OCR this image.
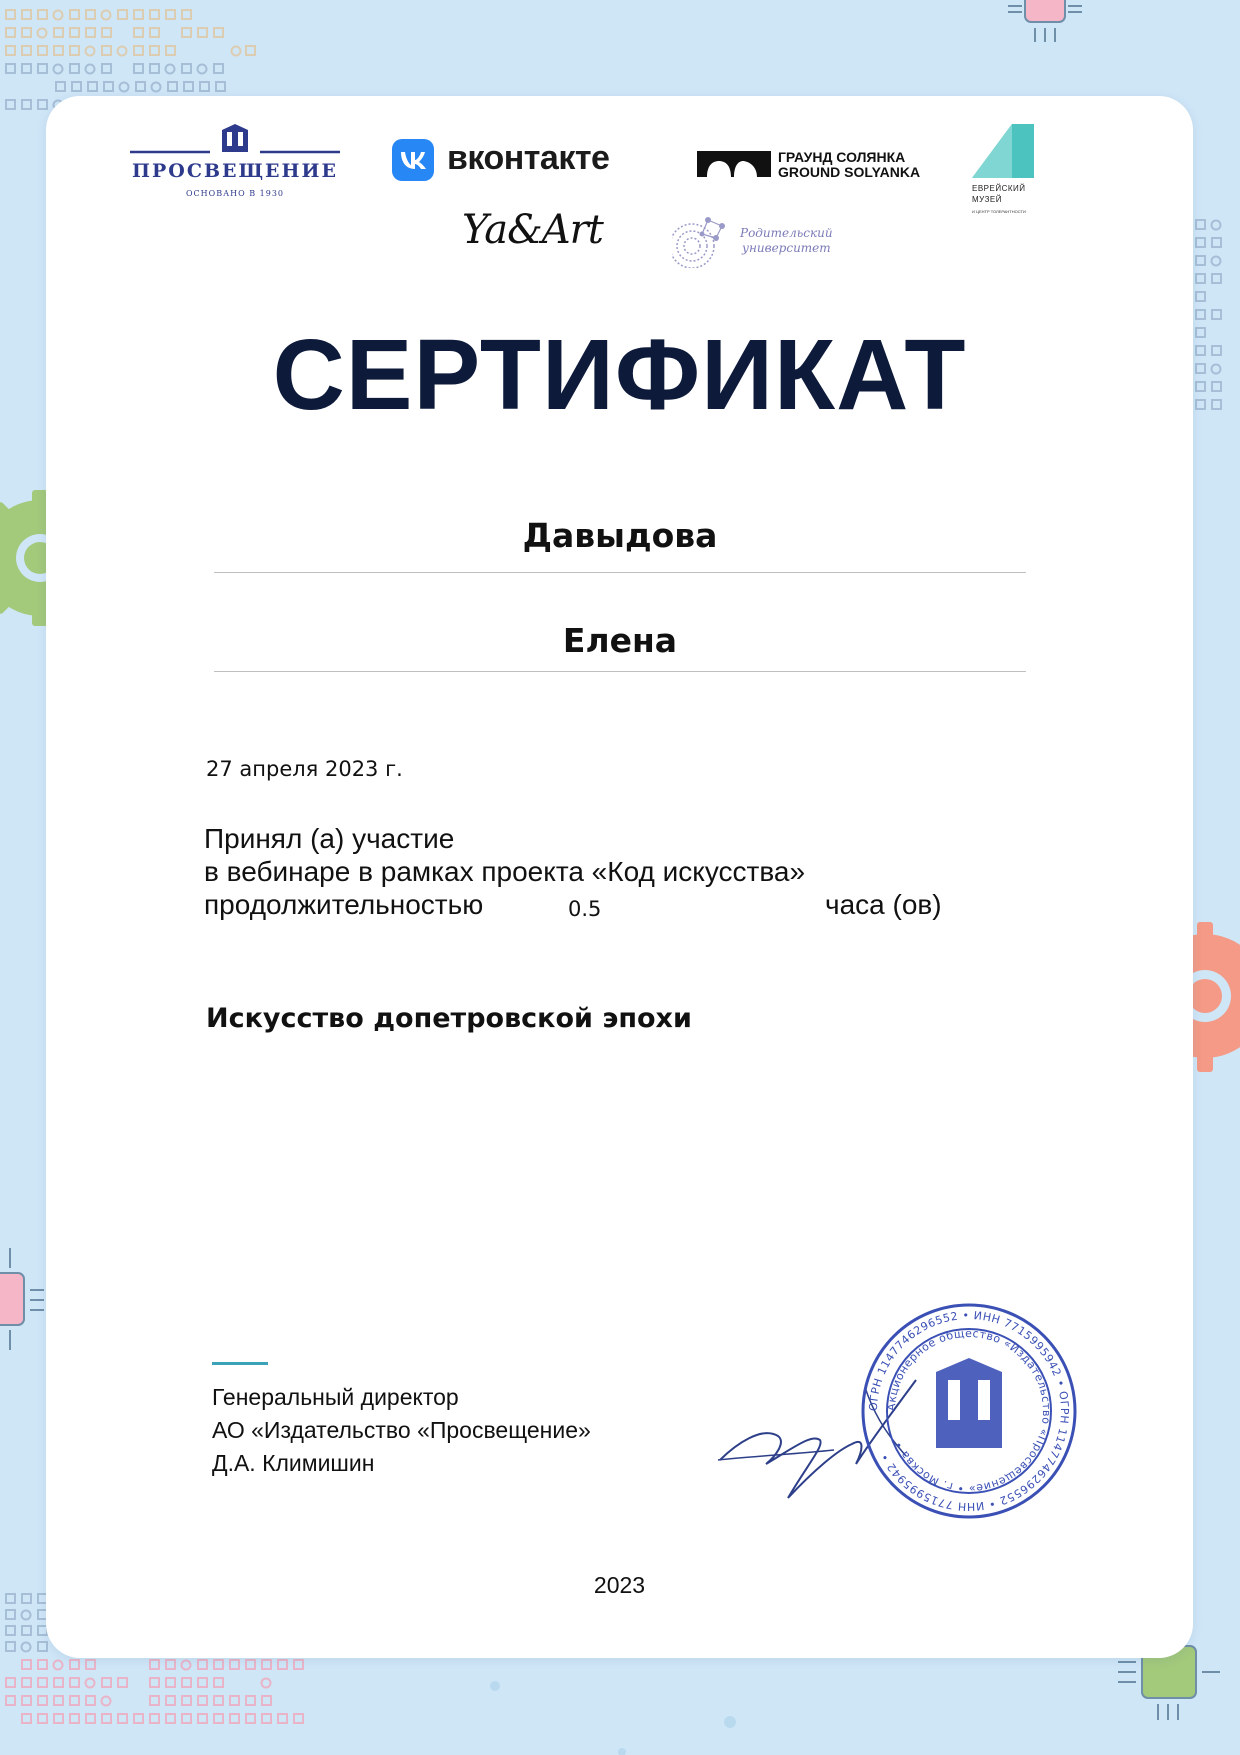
ПРОСВЕЩЕНИЕ
ОСНОВАНО В 1930
вконтакте	ГРАУНД СОЛЯНКА
GROUND SOLYANKA
ЕВРЕЙСКИЙ
МУЗЕЙ
И ЦЕНТР ТОЛЕРАНТНОСТИ
Ya&Art	Родительский
университет
СЕРТИФИКАТ
Давыдова
Елена
27 апреля 2023 г.
Принял (а) участие
в вебинаре в рамках проекта «Код искусства»
продолжительностью	0.5	часа (ов)
Искусство допетровской эпохи
Генеральный директор
АО «Издательство «Просвещение»
Д.А. Климишин
ОГРН 1147746296552 • ИНН 7715995942 • ОГРН 1147746296552 • ИНН 7715995942 •
Акционерное общество «Издательство «Просвещение» • г. Москва •
2023
